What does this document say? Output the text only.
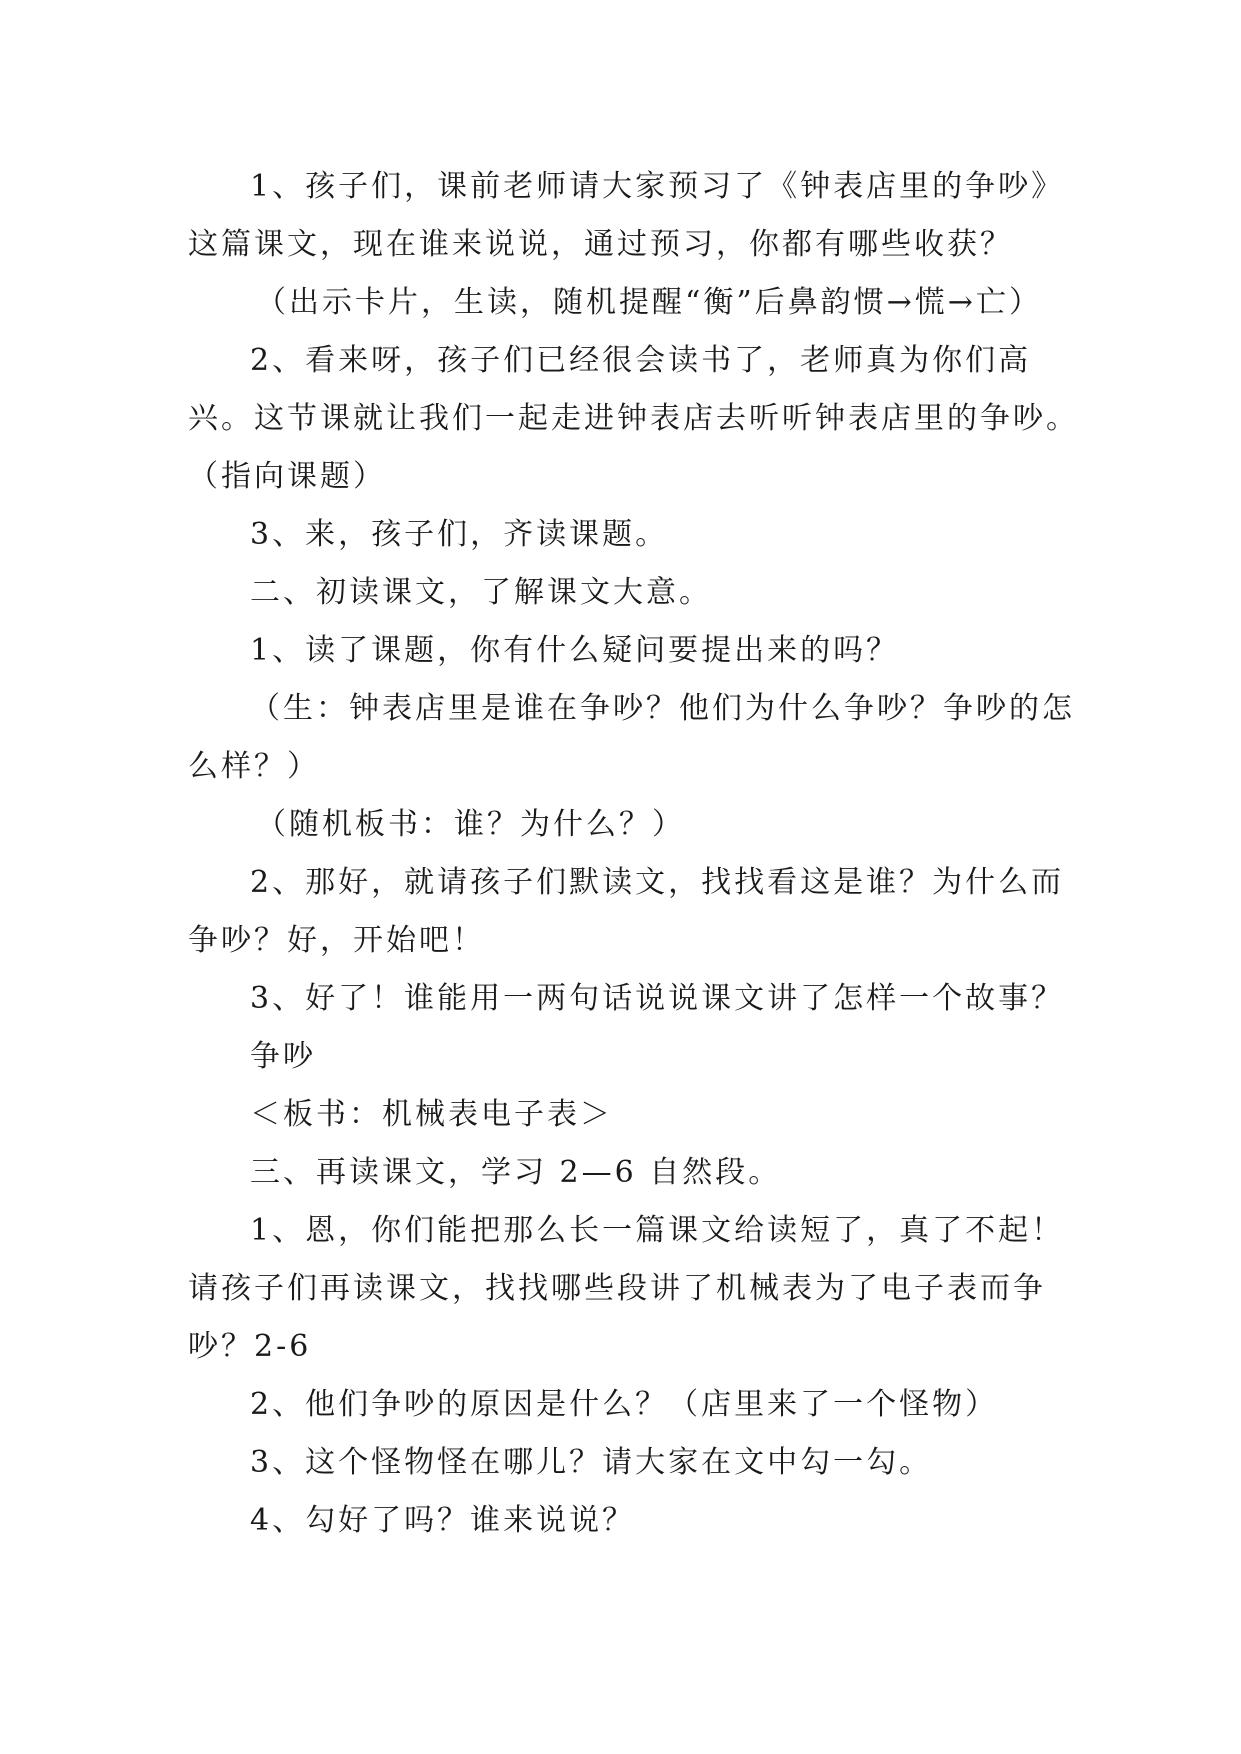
1、孩子们，课前老师请大家预习了《钟表店里的争吵》这篇课文，现在谁来说说，通过预习，你都有哪些收获？

（出示卡片，生读，随机提醒“衡”后鼻韵惯→慌→亡）

2、看来呀，孩子们已经很会读书了，老师真为你们高兴。这节课就让我们一起走进钟表店去听听钟表店里的争吵。（指向课题）

3、来，孩子们，齐读课题。

二、初读课文，了解课文大意。

1、读了课题，你有什么疑问要提出来的吗？

（生：钟表店里是谁在争吵？他们为什么争吵？争吵的怎么样？）

（随机板书：谁？为什么？）

2、那好，就请孩子们默读文，找找看这是谁？为什么而争吵？好，开始吧！

3、好了！谁能用一两句话说说课文讲了怎样一个故事？

争吵

＜板书：机械表电子表＞

三、再读课文，学习 2—6 自然段。

1、恩，你们能把那么长一篇课文给读短了，真了不起！请孩子们再读课文，找找哪些段讲了机械表为了电子表而争吵？2-6

2、他们争吵的原因是什么？（店里来了一个怪物）

3、这个怪物怪在哪儿？请大家在文中勾一勾。

4、勾好了吗？谁来说说？
